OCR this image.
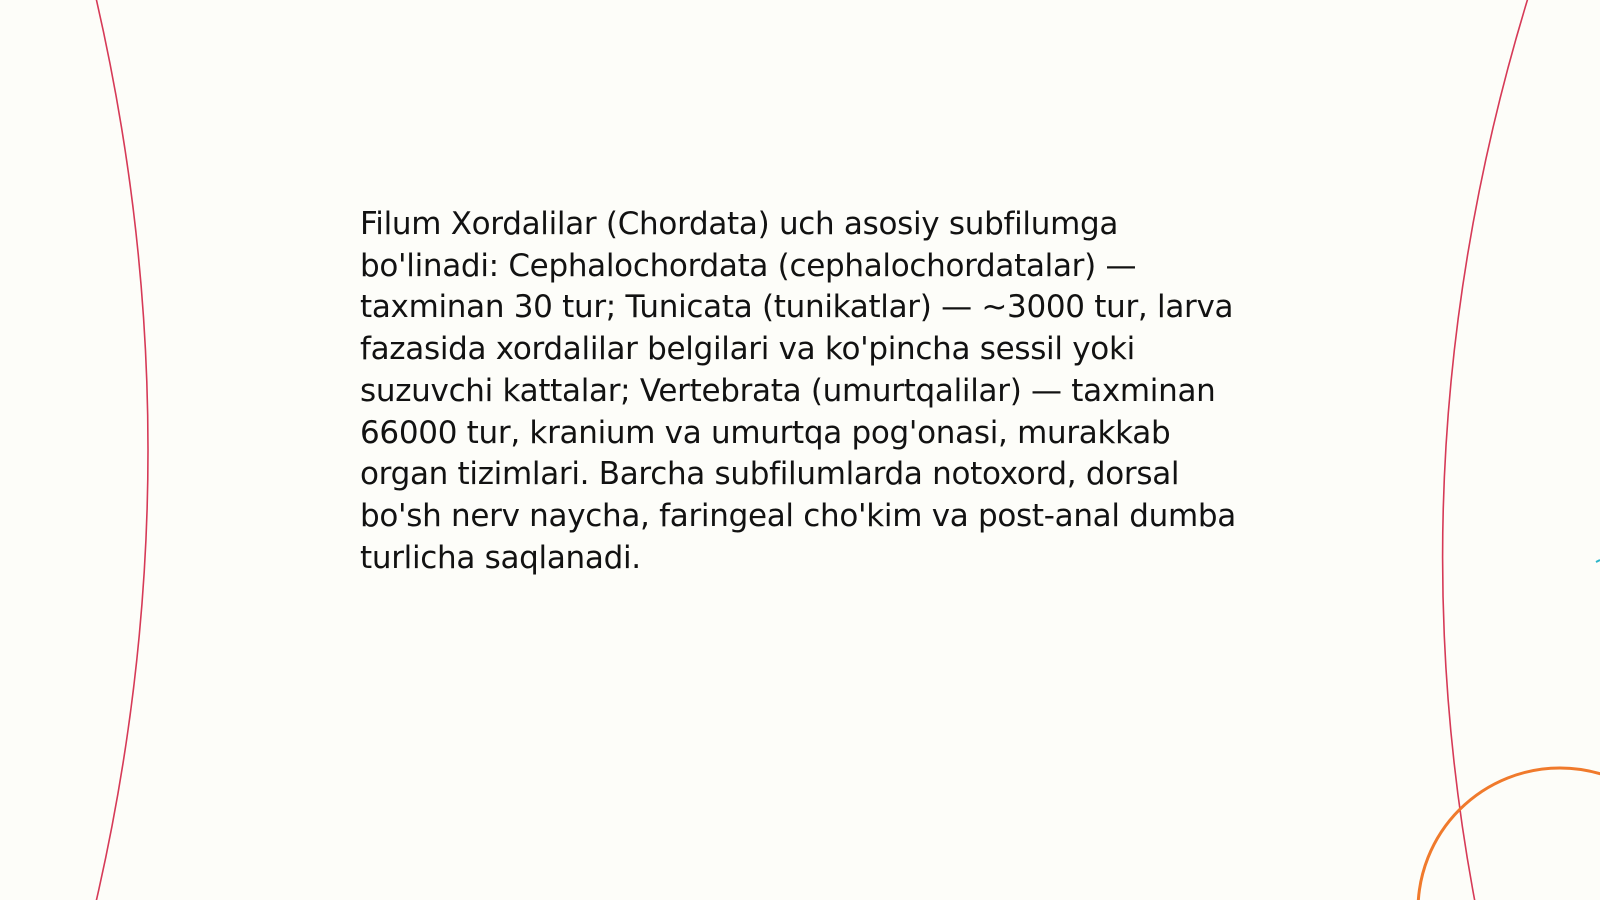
Filum Xordalilar (Chordata) uch asosiy subfilumga bo'linadi: Cephalochordata (cephalochordatalar) — taxminan 30 tur; Tunicata (tunikatlar) — ~3000 tur, larva fazasida xordalilar belgilari va ko'pincha sessil yoki suzuvchi kattalar; Vertebrata (umurtqalilar) — taxminan 66000 tur, kranium va umurtqa pog'onasi, murakkab organ tizimlari. Barcha subfilumlarda notoxord, dorsal bo'sh nerv naycha, faringeal cho'kim va post-anal dumba turlicha saqlanadi.
